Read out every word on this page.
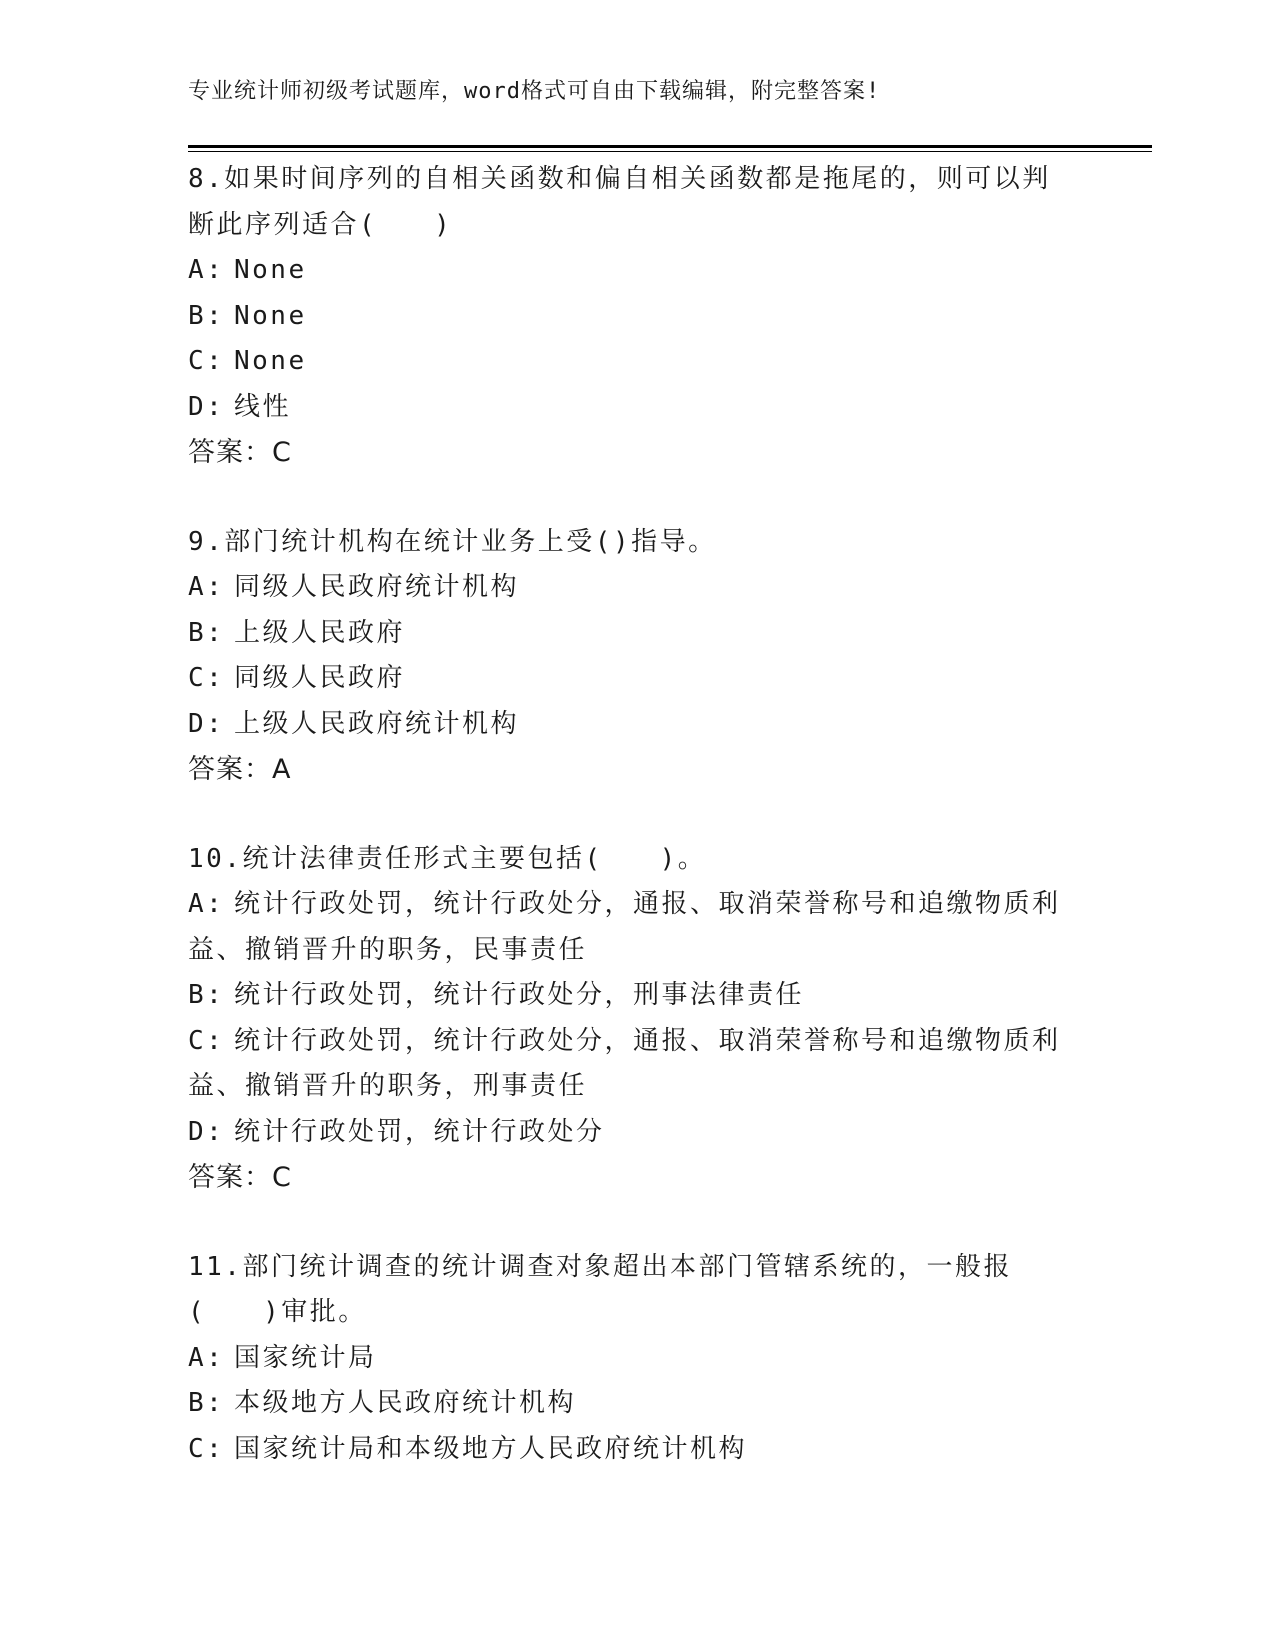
专业统计师初级考试题库，word格式可自由下载编辑，附完整答案!
8.如果时间序列的自相关函数和偏自相关函数都是拖尾的，则可以判
断此序列适合(　　)
A: None
B: None
C: None
D: 线性
答案：C
9.部门统计机构在统计业务上受()指导。
A: 同级人民政府统计机构
B: 上级人民政府
C: 同级人民政府
D: 上级人民政府统计机构
答案：A
10.统计法律责任形式主要包括(　　)。
A: 统计行政处罚，统计行政处分，通报、取消荣誉称号和追缴物质利
益、撤销晋升的职务，民事责任
B: 统计行政处罚，统计行政处分，刑事法律责任
C: 统计行政处罚，统计行政处分，通报、取消荣誉称号和追缴物质利
益、撤销晋升的职务，刑事责任
D: 统计行政处罚，统计行政处分
答案：C
11.部门统计调查的统计调查对象超出本部门管辖系统的，一般报
(　　)审批。
A: 国家统计局
B: 本级地方人民政府统计机构
C: 国家统计局和本级地方人民政府统计机构
